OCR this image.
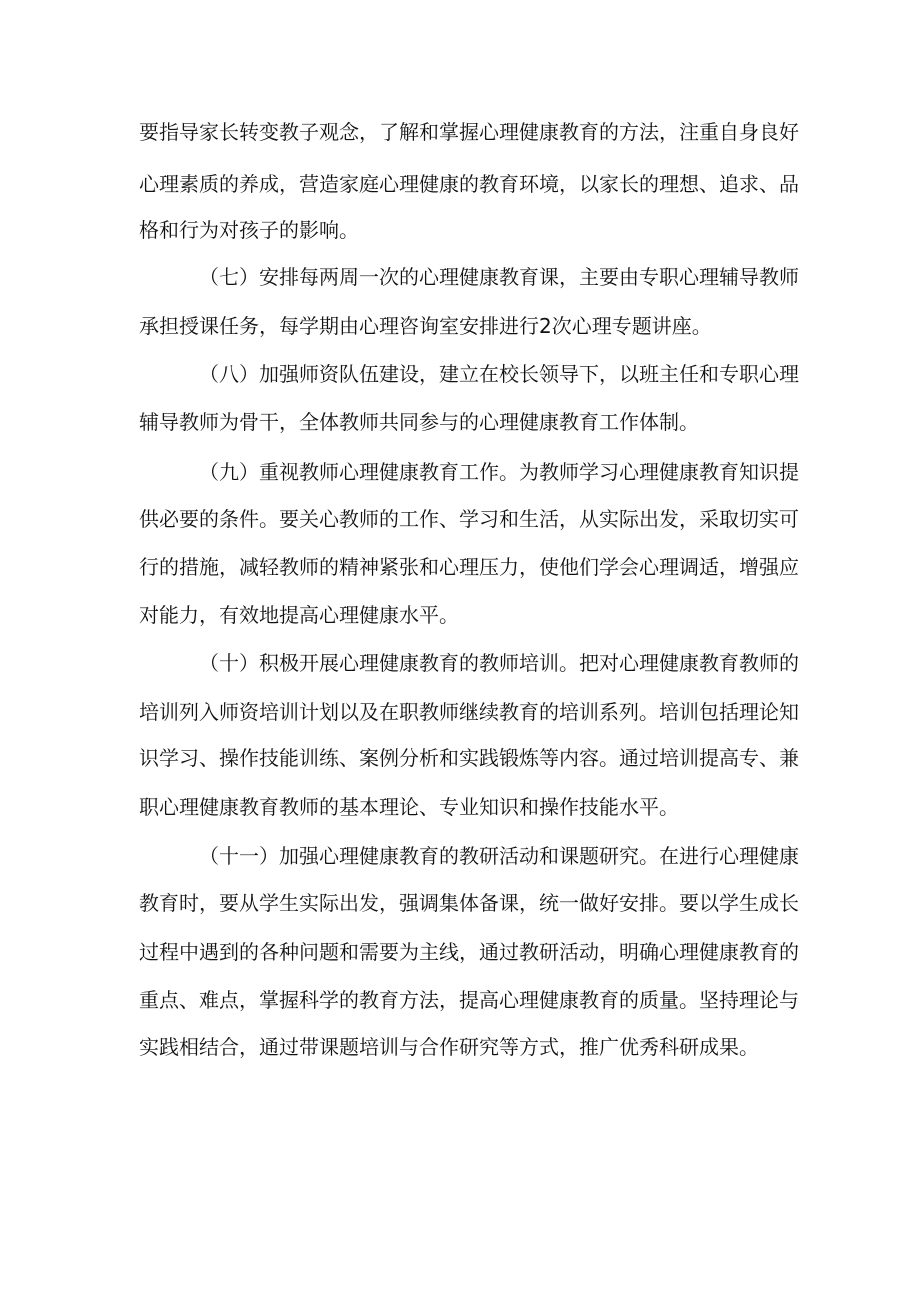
要指导家长转变教子观念，了解和掌握心理健康教育的方法，注重自身良好
心理素质的养成，营造家庭心理健康的教育环境，以家长的理想、追求、品
格和行为对孩子的影响。
（七）安排每两周一次的心理健康教育课，主要由专职心理辅导教师
承担授课任务，每学期由心理咨询室安排进行2次心理专题讲座。
（八）加强师资队伍建设，建立在校长领导下，以班主任和专职心理
辅导教师为骨干，全体教师共同参与的心理健康教育工作体制。
（九）重视教师心理健康教育工作。为教师学习心理健康教育知识提
供必要的条件。要关心教师的工作、学习和生活，从实际出发，采取切实可
行的措施，减轻教师的精神紧张和心理压力，使他们学会心理调适，增强应
对能力，有效地提高心理健康水平。
（十）积极开展心理健康教育的教师培训。把对心理健康教育教师的
培训列入师资培训计划以及在职教师继续教育的培训系列。培训包括理论知
识学习、操作技能训练、案例分析和实践锻炼等内容。通过培训提高专、兼
职心理健康教育教师的基本理论、专业知识和操作技能水平。
（十一）加强心理健康教育的教研活动和课题研究。在进行心理健康
教育时，要从学生实际出发，强调集体备课，统一做好安排。要以学生成长
过程中遇到的各种问题和需要为主线，通过教研活动，明确心理健康教育的
重点、难点，掌握科学的教育方法，提高心理健康教育的质量。坚持理论与
实践相结合，通过带课题培训与合作研究等方式，推广优秀科研成果。
